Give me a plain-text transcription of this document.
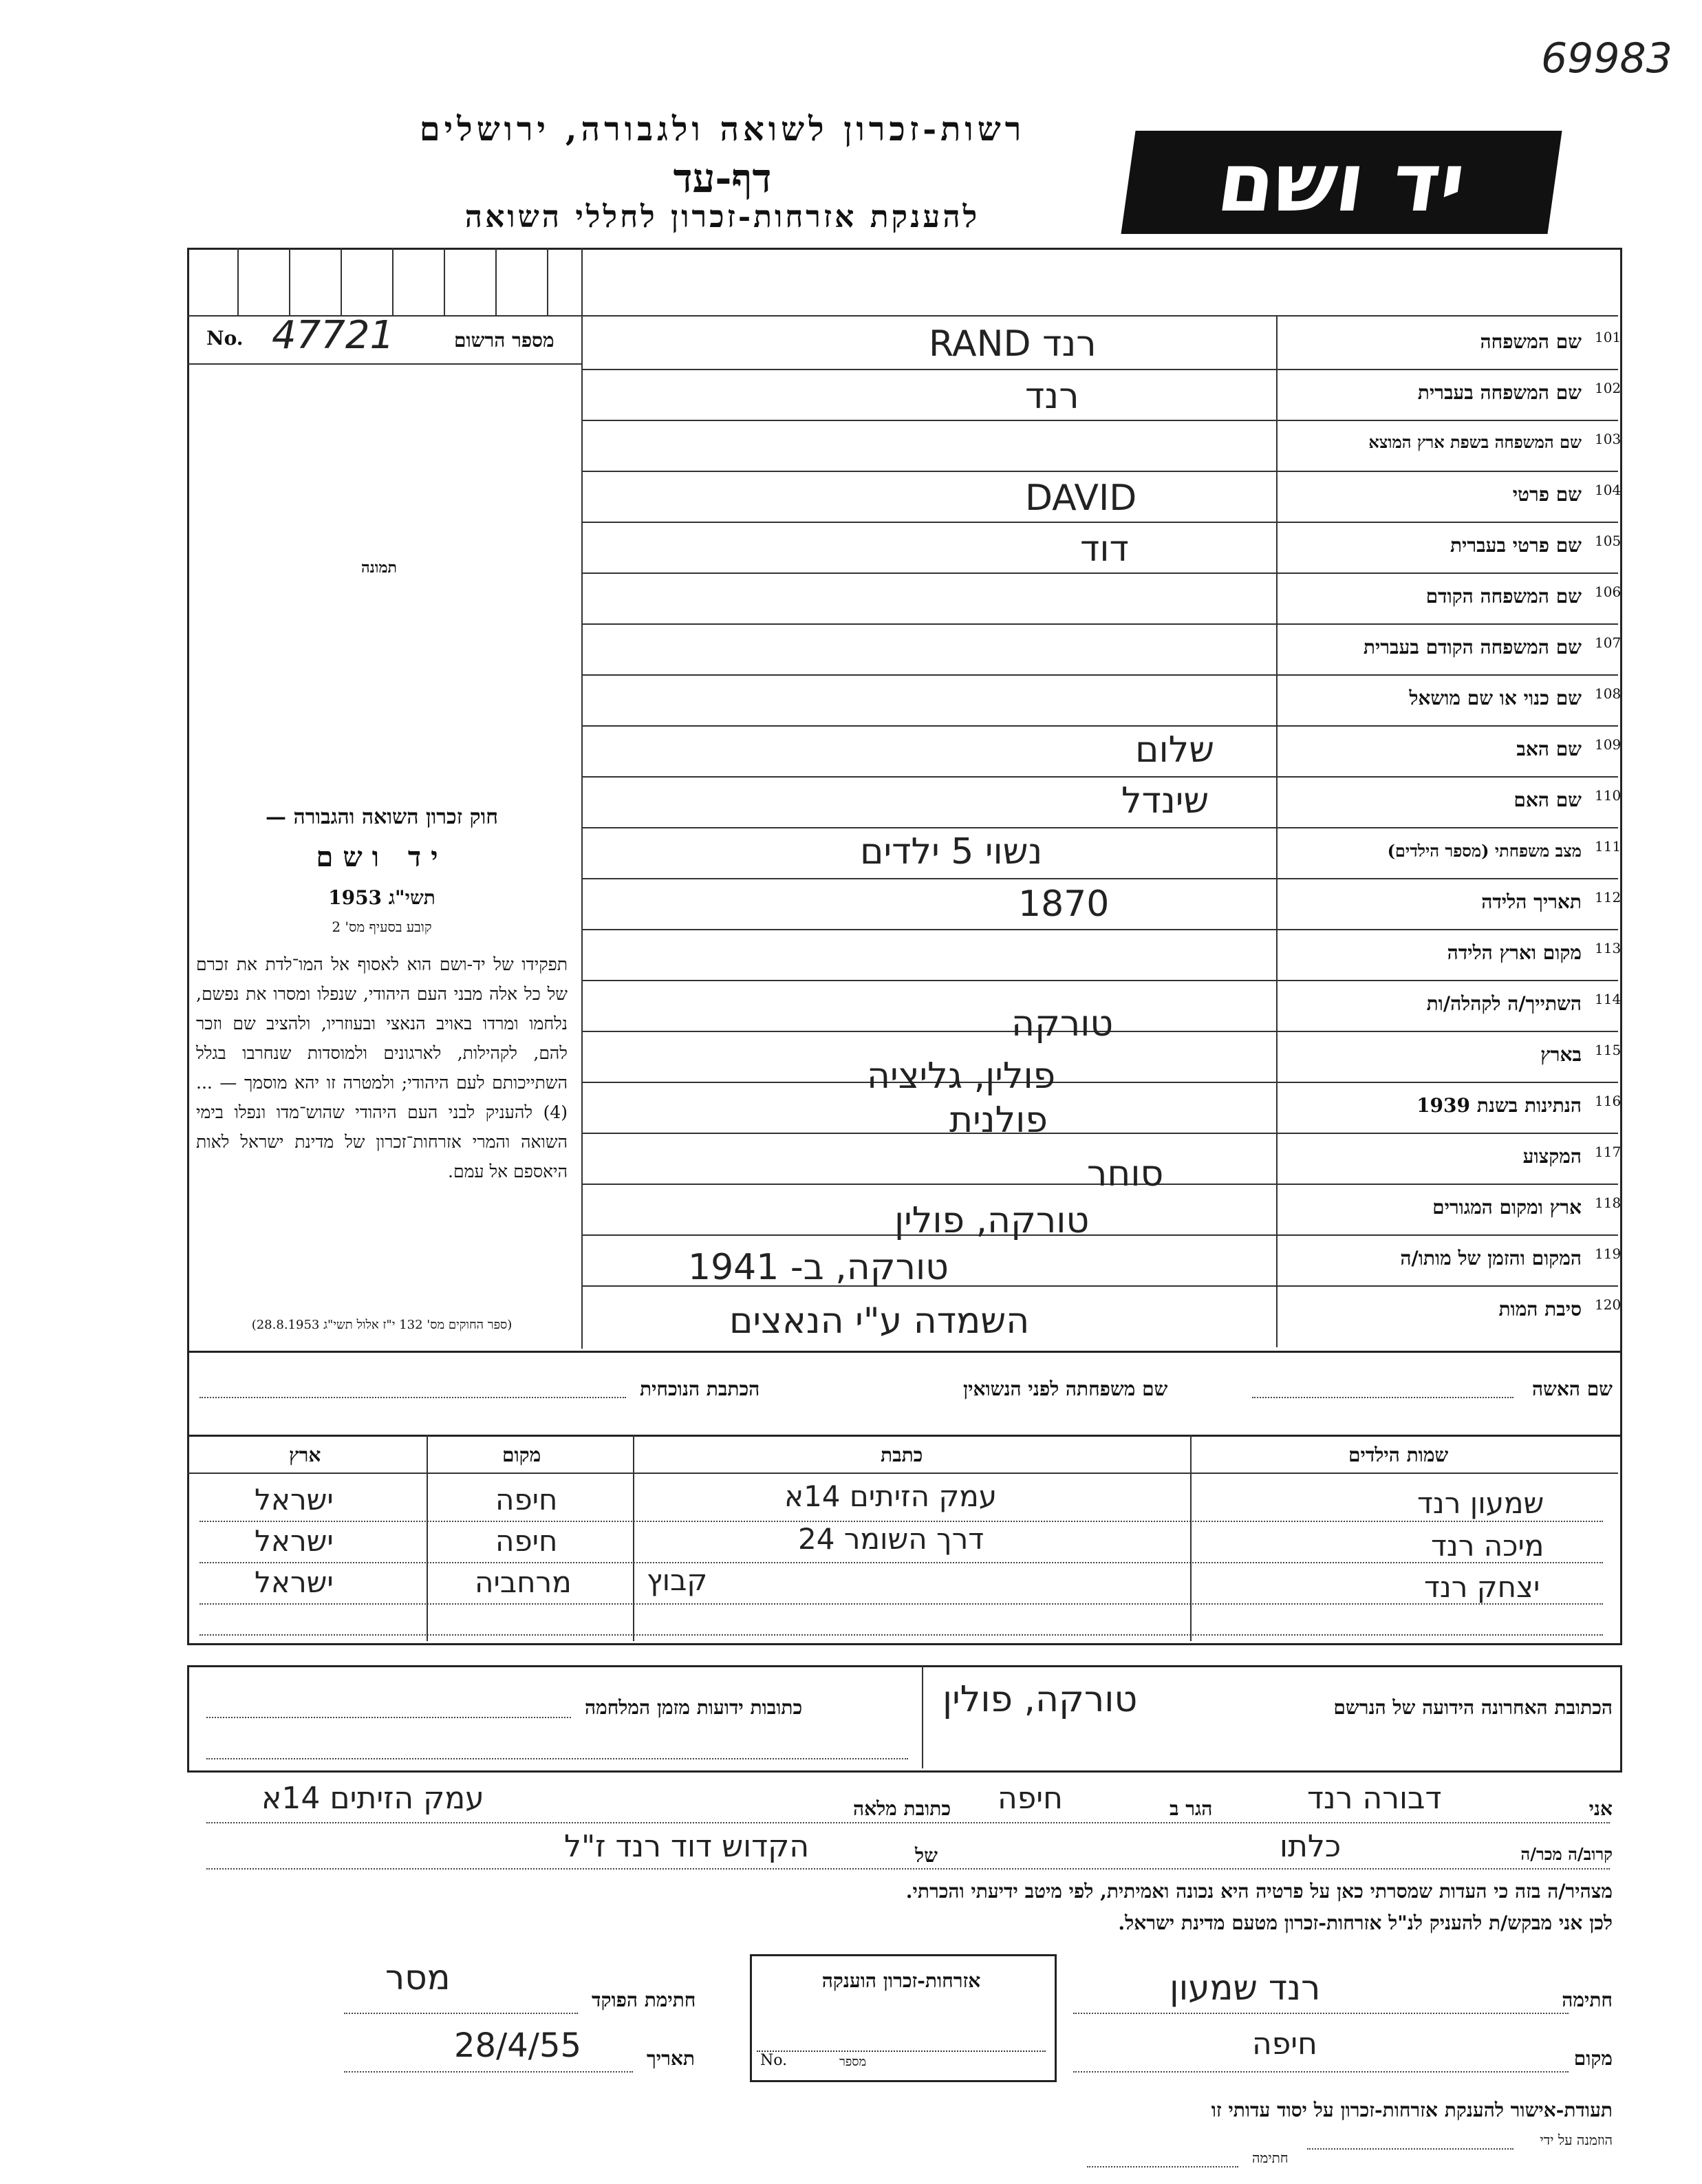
69983
יד ושם
רשות-זכרון לשואה ולגבורה, ירושלים
דף-עד
להענקת אזרחות-זכרון לחללי השואה
No. 47721	מספר הרשום
תמונה
חוק זכרון השואה והגבורה —
יד ושם
תשי"ג 1953
קובע בסעיף מס' 2
תפקידו של יד-ושם הוא לאסוף אל המו־לדת את זכרם של כל אלה מבני העם היהודי, שנפלו ומסרו את נפשם, נלחמו ומרדו באויב הנאצי ובעוזריו, ולהציב שם וזכר להם, לקהילות, לארגונים ולמוסדות שנחרבו בגלל השתייכותם לעם היהודי; ולמטרה זו יהא מוסמך — ...(4) להעניק לבני העם היהודי שהוש־מדו ונפלו בימי השואה והמרי אזרחות־זכרון של מדינת ישראל לאות היאספם אל עמם.
(ספר החוקים מס' 132 י"ז אלול תשי"ג 28.8.1953)
101
שם המשפחה
RAND רנד
102
שם המשפחה בעברית
רנד
103
שם המשפחה בשפת ארץ המוצא
104
שם פרטי
DAVID
105
שם פרטי בעברית
דוד
106
שם המשפחה הקודם
107
שם המשפחה הקודם בעברית
108
שם כנוי או שם מושאל
109
שם האב
שלום
110
שם האם
שינדל
111
מצב משפחתי (מספר הילדים)
נשוי 5 ילדים
112
תאריך הלידה
1870
113
מקום וארץ הלידה
114
השתייך/ה לקהלה/ות
טורקה
115
בארץ
פולין, גליציה
116
הנתינות בשנת 1939
פולנית
117
המקצוע
סוחר
118
ארץ ומקום המגורים
טורקה, פולין
119
המקום והזמן של מותו/ה
טורקה, ב- 1941
120
סיבת המות
השמדה ע"י הנאצים
שם האשה
שם משפחתה לפני הנשואין
הכתבת הנוכחית
שמות הילדים
כתבת
מקום
ארץ
שמעון רנד
עמק הזיתים 14א
חיפה
ישראל
מיכה רנד
דרך השומר 24
חיפה
ישראל
יצחק רנד
קבוץ
מרחביה
ישראל
הכתובת האחרונה הידועה של הנרשם
טורקה, פולין
כתובות ידועות מזמן המלחמה
אני
דבורה רנד
הגר ב
חיפה
כתובת מלאה
עמק הזיתים 14א
קרוב/ה מכר/ה
כלתו
של
הקדוש דוד רנד ז"ל
מצהיר/ה בזה כי העדות שמסרתי כאן על פרטיה היא נכונה ואמיתית, לפי מיטב ידיעתי והכרתי.
לכן אני מבקש/ת להעניק לנ"ל אזרחות-זכרון מטעם מדינת ישראל.
חתימה
רנד שמעון
מקום
חיפה
אזרחות-זכרון הוענקה
No.	מספר
חתימת הפוקד
מסר
תאריך
28/4/55
תעודת-אישור להענקת אזרחות-זכרון על יסוד עדותי זו
הוזמנה על ידי
חתימה
